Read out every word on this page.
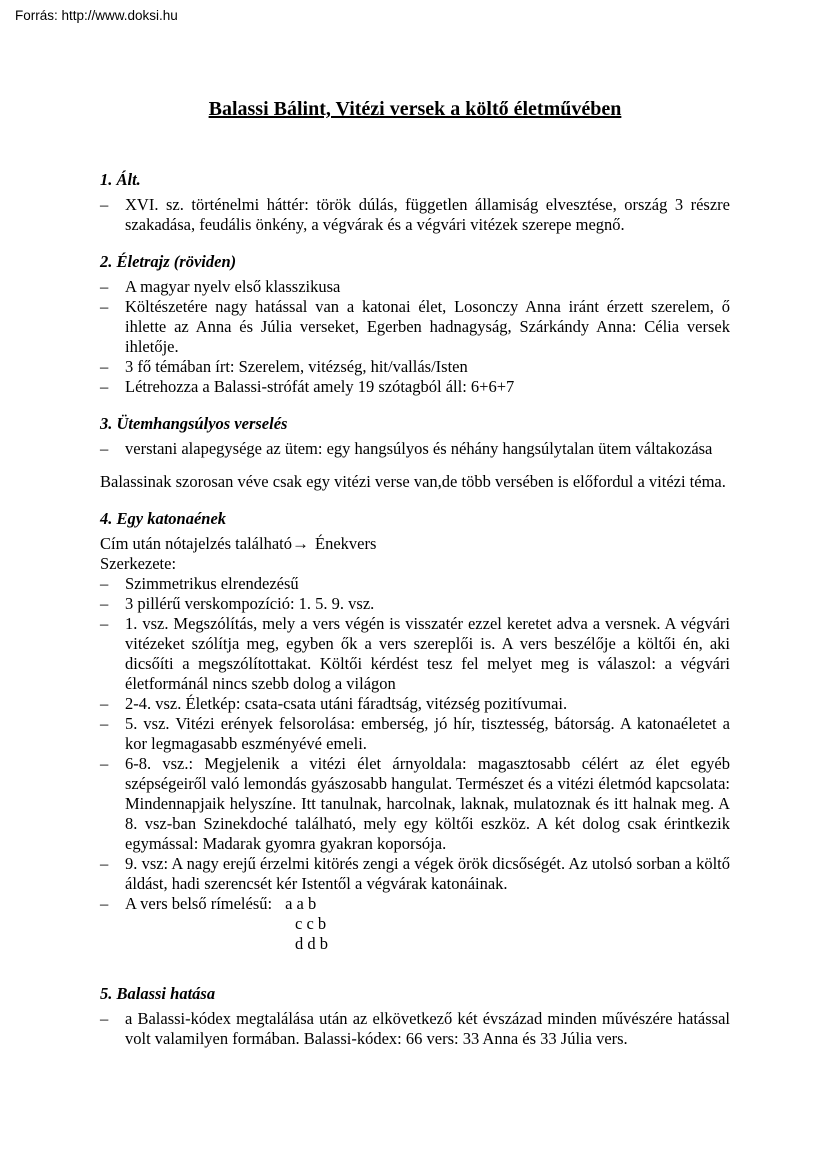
Forrás: http://www.doksi.hu
Balassi Bálint, Vitézi versek a költő életművében
1. Ált.
–	XVI. sz. történelmi háttér: török dúlás, független államiság elvesztése, ország 3 részre szakadása, feudális önkény, a végvárak és a végvári vitézek szerepe megnő.
2. Életrajz (röviden)
–	A magyar nyelv első klasszikusa
–	Költészetére nagy hatással van a katonai élet, Losonczy Anna iránt érzett szerelem, ő ihlette az Anna és Júlia verseket, Egerben hadnagyság, Szárkándy Anna: Célia versek ihletője.
–	3 fő témában írt: Szerelem, vitézség, hit/vallás/Isten
–	Létrehozza a Balassi-strófát amely 19 szótagból áll: 6+6+7
3. Ütemhangsúlyos verselés
–	verstani alapegysége az ütem: egy hangsúlyos és néhány hangsúlytalan ütem váltakozása

Balassinak szorosan véve csak egy vitézi verse van,de több versében is előfordul a vitézi téma.

4. Egy katonaének
Cím után nótajelzés található→ Énekvers
Szerkezete:
–	Szimmetrikus elrendezésű
–	3 pillérű verskompozíció: 1. 5. 9. vsz.
–	1. vsz. Megszólítás, mely a vers végén is visszatér ezzel keretet adva a versnek. A végvári vitézeket szólítja meg, egyben ők a vers szereplői is. A vers beszélője a költői én, aki dicsőíti a megszólítottakat. Költői kérdést tesz fel melyet meg is válaszol: a végvári életformánál nincs szebb dolog a világon
–	2-4. vsz. Életkép: csata-csata utáni fáradtság, vitézség pozitívumai.
–	5. vsz. Vitézi erények felsorolása: emberség, jó hír, tisztesség, bátorság. A katonaéletet a kor legmagasabb eszményévé emeli.
–	6-8. vsz.: Megjelenik a vitézi élet árnyoldala: magasztosabb célért az élet egyéb szépségeiről való lemondás gyászosabb hangulat. Természet és a vitézi életmód kapcsolata: Mindennapjaik helyszíne. Itt tanulnak, harcolnak, laknak, mulatoznak és itt halnak meg. A 8. vsz-ban Szinekdoché található, mely egy költői eszköz. A két dolog csak érintkezik egymással: Madarak gyomra gyakran koporsója.
–	9. vsz: A nagy erejű érzelmi kitörés zengi a végek örök dicsőségét. Az utolsó sorban a költő áldást, hadi szerencsét kér Istentől a végvárak katonáinak.
–	A vers belső rímelésű: a a b
c c b
d d b
5. Balassi hatása
–	a Balassi-kódex megtalálása után az elkövetkező két évszázad minden művészére hatással volt valamilyen formában. Balassi-kódex: 66 vers: 33 Anna és 33 Júlia vers.
